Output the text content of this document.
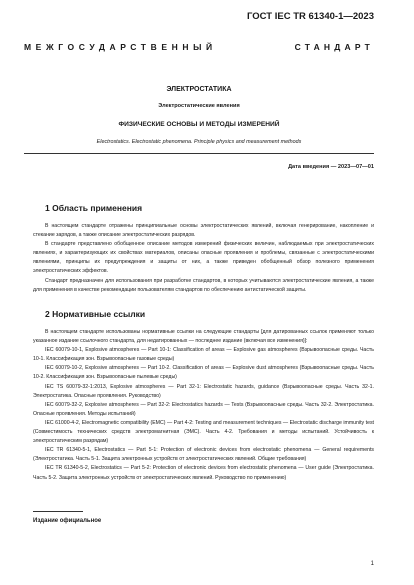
ГОСТ IEC TR 61340-1—2023
МЕЖГОСУДАРСТВЕННЫЙ	СТАНДАРТ
ЭЛЕКТРОСТАТИКА
Электростатические явления
ФИЗИЧЕСКИЕ ОСНОВЫ И МЕТОДЫ ИЗМЕРЕНИЙ
Electrostatics. Electrostatic phenomena. Principle physics and measurement methods
Дата введения — 2023—07—01
1 Область применения

В настоящем стандарте отражены принципиальные основы электростатических явлений, включая генерирование, накопление и стекание зарядов, а также описание электростатических разрядов.

В стандарте представлено обобщенное описание методов измерений физических величин, наблюдаемых при электростатических явлениях, и характеризующих их свойствах материалов, описаны опасные проявления и проблемы, связанные с электростатическими явлениями, принципы их предупреждения и защиты от них, а также приведен обобщенный обзор полезного применения электростатических эффектов.

Стандарт предназначен для использования при разработке стандартов, в которых учитываются электростатические явления, а также для применения в качестве рекомендации пользователям стандартов по обеспечению антистатической защиты.

2 Нормативные ссылки

В настоящем стандарте использованы нормативные ссылки на следующие стандарты [для датированных ссылок применяют только указанное издание ссылочного стандарта, для недатированных — последнее издание (включая все изменения)]:

IEC 60079-10-1, Explosive atmospheres — Part 10-1: Classification of areas — Explosive gas atmospheres (Взрывоопасные среды. Часть 10-1. Классификация зон. Взрывоопасные газовые среды)

IEC 60079-10-2, Explosive atmospheres — Part 10-2. Classification of areas — Explosive dust atmospheres (Взрывоопасные среды. Часть 10-2. Классификация зон. Взрывоопасные пылевые среды)

IEC TS 60079-32-1:2013, Explosive atmospheres — Part 32-1: Electrostatic hazards, guidance (Взрывоопасные среды. Часть 32-1. Электростатика. Опасные проявления. Руководство)

IEC 60079-32-2, Explosive atmospheres — Part 32-2: Electrostatics hazards — Tests (Взрывоопасные среды. Часть 32-2. Электростатика. Опасные проявления. Методы испытаний)

IEC 61000-4-2, Electromagnetic compatibility (EMC) — Part 4-2: Testing and measurement techniques — Electrostatic discharge immunity test (Совместимость технических средств электромагнитная (ЭМС). Часть 4-2. Требования и методы испытаний. Устойчивость к электростатическим разрядам)

IEC TR 61340-5-1, Electrostatics — Part 5-1: Protection of electronic devices from electrostatic phenomena — General requirements (Электростатика. Часть 5-1. Защита электронных устройств от электростатических явлений. Общие требования)

IEC TR 61340-5-2, Electrostatics — Part 5-2: Protection of electronic devices from electrostatic phenomena — User guide (Электростатика. Часть 5-2. Защита электронных устройств от электростатических явлений. Руководство по применению)

Издание официальное
1
